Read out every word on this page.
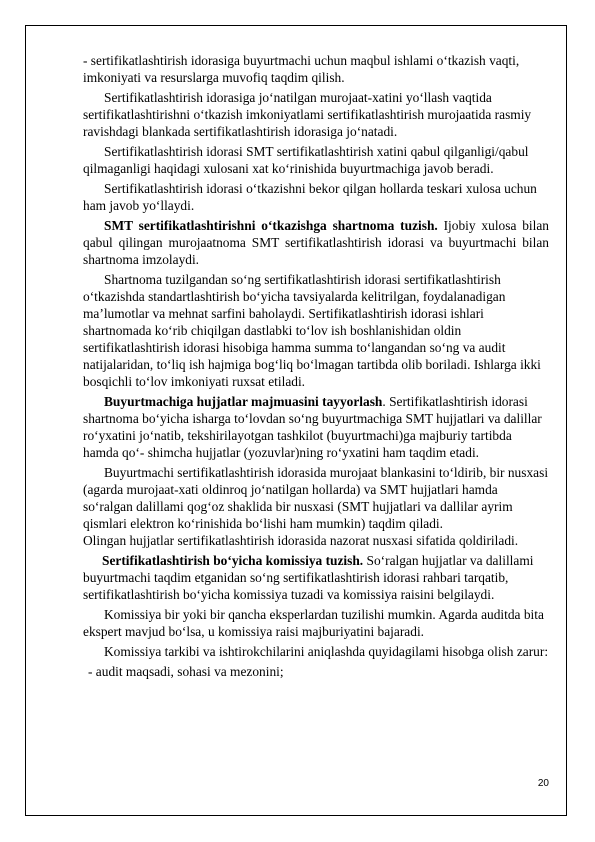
- sertifikatlashtirish idorasiga buyurtmachi uchun maqbul ishlami o‘tkazish vaqti, imkoniyati va resurslarga muvofiq taqdim qilish.

Sertifikatlashtirish idorasiga jo‘natilgan murojaat-xatini yo‘llash vaqtida sertifikatlashtirishni o‘tkazish imkoniyatlami sertifikatlashtirish murojaatida rasmiy ravishdagi blankada sertifikatlashtirish idorasiga jo‘natadi.

Sertifikatlashtirish idorasi SMT sertifikatlashtirish xatini qabul qilganligi/qabul qilmaganligi haqidagi xulosani xat ko‘rinishida buyurtmachiga javob beradi.

Sertifikatlashtirish idorasi o‘tkazishni bekor qilgan hollarda teskari xulosa uchun ham javob yo‘llaydi.

SMT sertifikatlashtirishni o‘tkazishga shartnoma tuzish. Ijobiy xulosa bilan qabul qilingan murojaatnoma SMT sertifikatlashtirish idorasi va buyurtmachi bilan shartnoma imzolaydi.

Shartnoma tuzilgandan so‘ng sertifikatlashtirish idorasi sertifikatlashtirish o‘tkazishda standartlashtirish bo‘yicha tavsiyalarda kelitrilgan, foydalanadigan ma’lumotlar va mehnat sarfini baholaydi. Sertifikatlashtirish idorasi ishlari shartnomada ko‘rib chiqilgan dastlabki to‘lov ish boshlanishidan oldin sertifikatlashtirish idorasi hisobiga hamma summa to‘langandan so‘ng va audit natijalaridan, to‘liq ish hajmiga bog‘liq bo‘lmagan tartibda olib boriladi. Ishlarga ikki bosqichli to‘lov imkoniyati ruxsat etiladi.

Buyurtmachiga hujjatlar majmuasini tayyorlash. Sertifikatlashtirish idorasi shartnoma bo‘yicha isharga to‘lovdan so‘ng buyurtmachiga SMT hujjatlari va dalillar ro‘yxatini jo‘natib, tekshirilayotgan tashkilot (buyurtmachi)ga majburiy tartibda hamda qo‘- shimcha hujjatlar (yozuvlar)ning ro‘yxatini ham taqdim etadi.

Buyurtmachi sertifikatlashtirish idorasida murojaat blankasini to‘ldirib, bir nusxasi (agarda murojaat-xati oldinroq jo‘natilgan hollarda) va SMT hujjatlari hamda so‘ralgan dalillami qog‘oz shaklida bir nusxasi (SMT hujjatlari va dallilar ayrim qismlari elektron ko‘rinishida bo‘lishi ham mumkin) taqdim qiladi.

Olingan hujjatlar sertifikatlashtirish idorasida nazorat nusxasi sifatida qoldiriladi.

Sertifikatlashtirish bo‘yicha komissiya tuzish. So‘ralgan hujjatlar va dalillami buyurtmachi taqdim etganidan so‘ng sertifikatlashtirish idorasi rahbari tarqatib, sertifikatlashtirish bo‘yicha komissiya tuzadi va komissiya raisini belgilaydi.

Komissiya bir yoki bir qancha eksperlardan tuzilishi mumkin. Agarda auditda bita ekspert mavjud bo‘lsa, u komissiya raisi majburiyatini bajaradi.

Komissiya tarkibi va ishtirokchilarini aniqlashda quyidagilami hisobga olish zarur:

- audit maqsadi, sohasi va mezonini;

20
